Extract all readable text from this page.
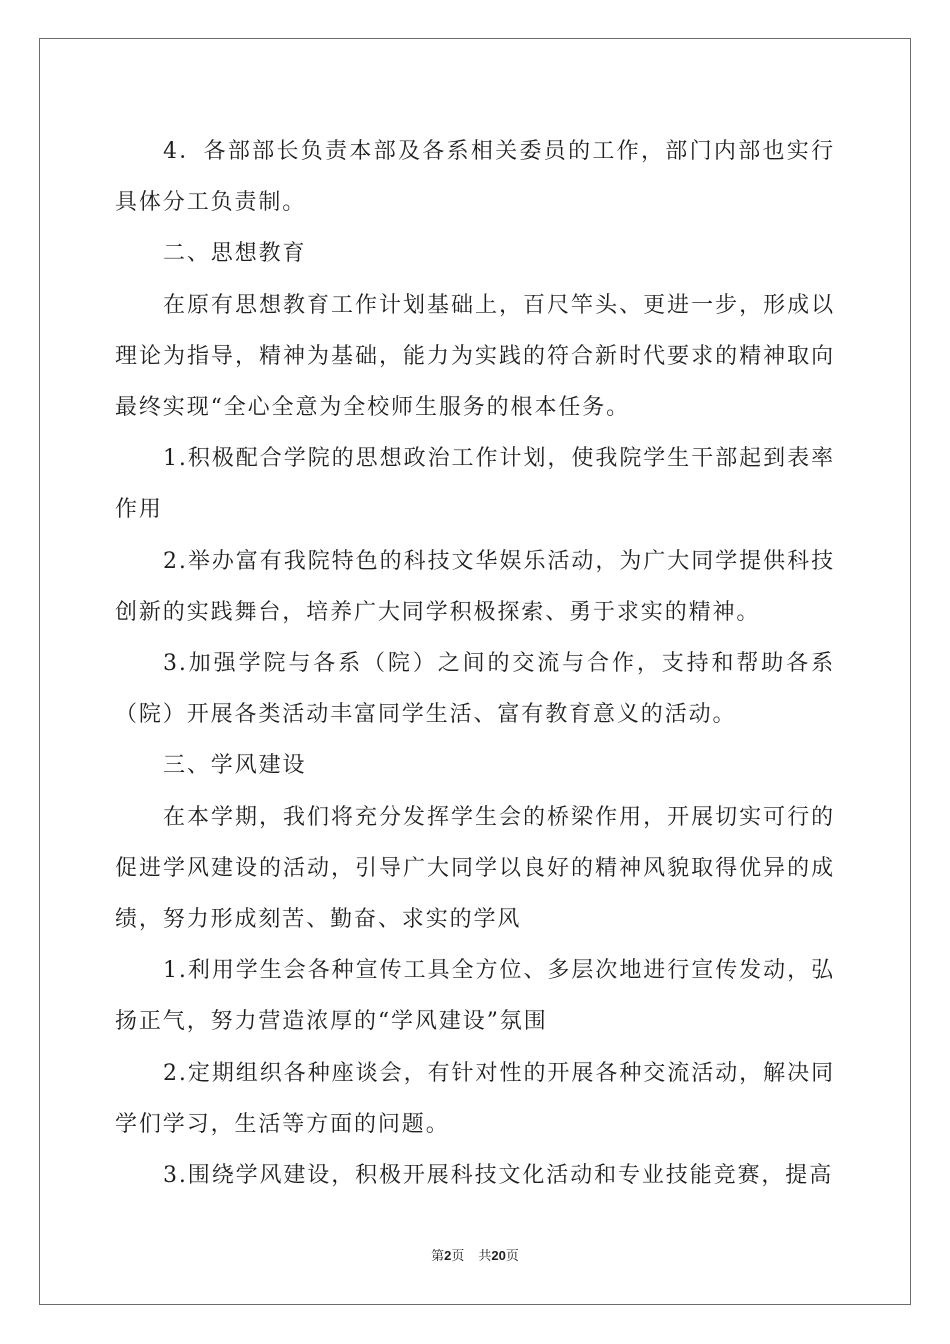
4．各部部长负责本部及各系相关委员的工作，部门内部也实行具体分工负责制。

二、思想教育

在原有思想教育工作计划基础上，百尺竿头、更进一步，形成以理论为指导，精神为基础，能力为实践的符合新时代要求的精神取向最终实现“全心全意为全校师生服务的根本任务。

1.积极配合学院的思想政治工作计划，使我院学生干部起到表率作用

2.举办富有我院特色的科技文华娱乐活动，为广大同学提供科技创新的实践舞台，培养广大同学积极探索、勇于求实的精神。

3.加强学院与各系（院）之间的交流与合作，支持和帮助各系（院）开展各类活动丰富同学生活、富有教育意义的活动。

三、学风建设

在本学期，我们将充分发挥学生会的桥梁作用，开展切实可行的促进学风建设的活动，引导广大同学以良好的精神风貌取得优异的成绩，努力形成刻苦、勤奋、求实的学风

1.利用学生会各种宣传工具全方位、多层次地进行宣传发动，弘扬正气，努力营造浓厚的“学风建设”氛围

2.定期组织各种座谈会，有针对性的开展各种交流活动，解决同学们学习，生活等方面的问题。

3.围绕学风建设，积极开展科技文化活动和专业技能竞赛，提高

第2页 共20页
